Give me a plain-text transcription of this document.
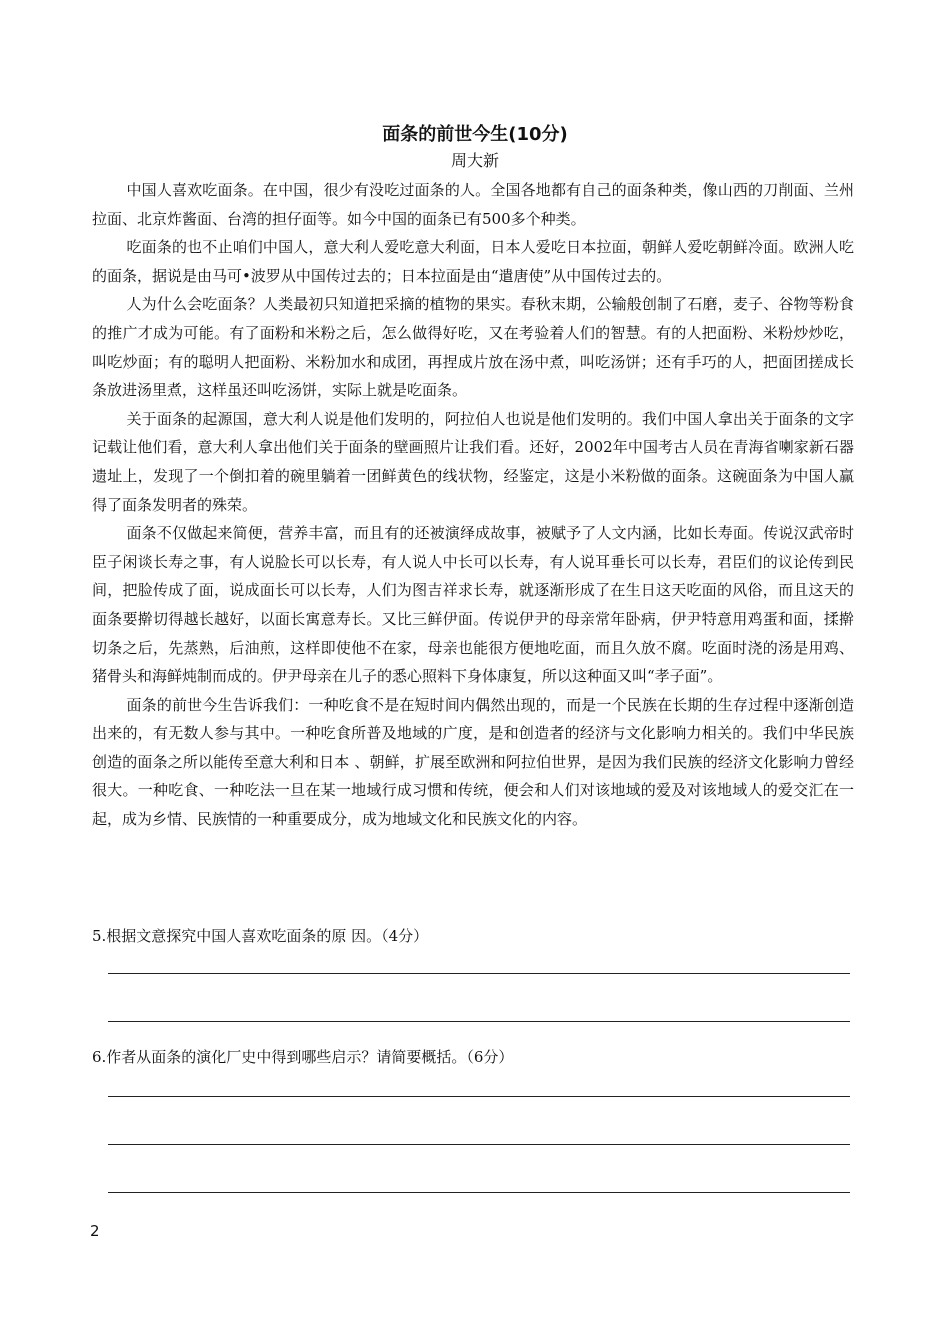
面条的前世今生(10分)
周大新

中国人喜欢吃面条。在中国，很少有没吃过面条的人。全国各地都有自己的面条种类，像山西的刀削面、兰州拉面、北京炸酱面、台湾的担仔面等。如今中国的面条已有500多个种类。

吃面条的也不止咱们中国人，意大利人爱吃意大利面，日本人爱吃日本拉面，朝鲜人爱吃朝鲜冷面。欧洲人吃的面条，据说是由马可•波罗从中国传过去的；日本拉面是由“遣唐使”从中国传过去的。

人为什么会吃面条？人类最初只知道把采摘的植物的果实。春秋末期，公输般创制了石磨，麦子、谷物等粉食的推广才成为可能。有了面粉和米粉之后，怎么做得好吃，又在考验着人们的智慧。有的人把面粉、米粉炒炒吃，叫吃炒面；有的聪明人把面粉、米粉加水和成团，再捏成片放在汤中煮，叫吃汤饼；还有手巧的人，把面团搓成长条放进汤里煮，这样虽还叫吃汤饼，实际上就是吃面条。

关于面条的起源国，意大利人说是他们发明的，阿拉伯人也说是他们发明的。我们中国人拿出关于面条的文字记载让他们看，意大利人拿出他们关于面条的壁画照片让我们看。还好，2002年中国考古人员在青海省喇家新石器遗址上，发现了一个倒扣着的碗里躺着一团鲜黄色的线状物，经鉴定，这是小米粉做的面条。这碗面条为中国人赢得了面条发明者的殊荣。

面条不仅做起来简便，营养丰富，而且有的还被演绎成故事，被赋予了人文内涵，比如长寿面。传说汉武帝时臣子闲谈长寿之事，有人说脸长可以长寿，有人说人中长可以长寿，有人说耳垂长可以长寿，君臣们的议论传到民间，把脸传成了面，说成面长可以长寿，人们为图吉祥求长寿，就逐渐形成了在生日这天吃面的风俗，而且这天的面条要擀切得越长越好，以面长寓意寿长。又比三鲜伊面。传说伊尹的母亲常年卧病，伊尹特意用鸡蛋和面，揉擀切条之后，先蒸熟，后油煎，这样即使他不在家，母亲也能很方便地吃面，而且久放不腐。吃面时浇的汤是用鸡、猪骨头和海鲜炖制而成的。伊尹母亲在儿子的悉心照料下身体康复，所以这种面又叫“孝子面”。

面条的前世今生告诉我们：一种吃食不是在短时间内偶然出现的，而是一个民族在长期的生存过程中逐渐创造出来的，有无数人参与其中。一种吃食所普及地域的广度，是和创造者的经济与文化影响力相关的。我们中华民族创造的面条之所以能传至意大利和日本 、朝鲜，扩展至欧洲和阿拉伯世界，是因为我们民族的经济文化影响力曾经很大。一种吃食、一种吃法一旦在某一地域行成习惯和传统，便会和人们对该地域的爱及对该地域人的爱交汇在一起，成为乡情、民族情的一种重要成分，成为地域文化和民族文化的内容。

5.根据文意探究中国人喜欢吃面条的原 因。（4分）
6.作者从面条的演化厂史中得到哪些启示？请简要概括。（6分）
2
